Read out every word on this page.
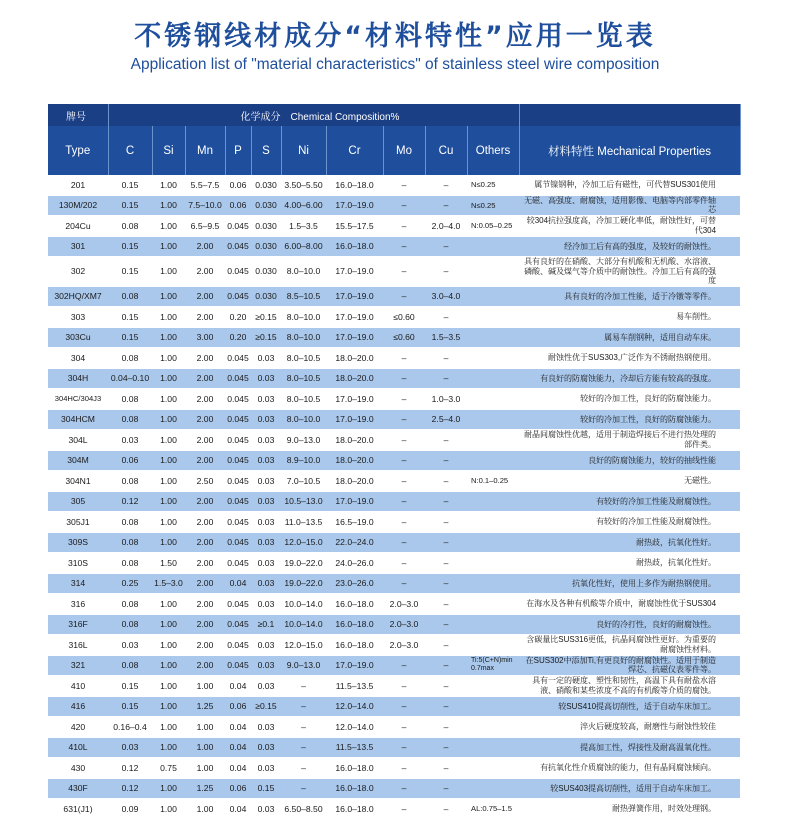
不锈钢线材成分“材料特性”应用一览表
Application list of "material characteristics" of stainless steel wire composition
牌号	化学成分　Chemical Composition%										
Type	C	Si	Mn	P	S	Ni	Cr	Mo	Cu	Others	材料特性 Mechanical Properties
201	0.15	1.00	5.5–7.5	0.06	0.030	3.50–5.50	16.0–18.0	–	–	N≤0.25	属节镍钢种，冷加工后有磁性，可代替SUS301使用
130M/202	0.15	1.00	7.5–10.0	0.06	0.030	4.00–6.00	17.0–19.0	–	–	N≤0.25	无磁、高强度、耐腐蚀，适用影像、电脑等内部零件轴芯
204Cu	0.08	1.00	6.5–9.5	0.045	0.030	1.5–3.5	15.5–17.5	–	2.0–4.0	N:0.05–0.25	较304抗拉强度高，冷加工硬化率低，耐蚀性好，可替代304
301	0.15	1.00	2.00	0.045	0.030	6.00–8.00	16.0–18.0	–	–		经冷加工后有高的强度，及较好的耐蚀性。
302	0.15	1.00	2.00	0.045	0.030	8.0–10.0	17.0–19.0	–	–		具有良好的在硝酸、大部分有机酸和无机酸、水溶液、磷酸、碱及煤气等介质中的耐蚀性。冷加工后有高的强度
302HQ/XM7	0.08	1.00	2.00	0.045	0.030	8.5–10.5	17.0–19.0	–	3.0–4.0		具有良好的冷加工性能，适于冷镦等零件。
303	0.15	1.00	2.00	0.20	≥0.15	8.0–10.0	17.0–19.0	≤0.60	–		易车削性。
303Cu	0.15	1.00	3.00	0.20	≥0.15	8.0–10.0	17.0–19.0	≤0.60	1.5–3.5		属易车削钢种，适用自动车床。
304	0.08	1.00	2.00	0.045	0.03	8.0–10.5	18.0–20.0	–	–		耐蚀性优于SUS303,广泛作为不锈耐热钢使用。
304H	0.04–0.10	1.00	2.00	0.045	0.03	8.0–10.5	18.0–20.0	–	–		有良好的防腐蚀能力，冷却后方能有较高的强度。
304HC/304J3	0.08	1.00	2.00	0.045	0.03	8.0–10.5	17.0–19.0	–	1.0–3.0		较好的冷加工性，良好的防腐蚀能力。
304HCM	0.08	1.00	2.00	0.045	0.03	8.0–10.0	17.0–19.0	–	2.5–4.0		较好的冷加工性，良好的防腐蚀能力。
304L	0.03	1.00	2.00	0.045	0.03	9.0–13.0	18.0–20.0	–	–		耐晶间腐蚀性优越，适用于制造焊接后不进行热处理的部件类。
304M	0.06	1.00	2.00	0.045	0.03	8.9–10.0	18.0–20.0	–	–		良好的防腐蚀能力，较好的抽线性能
304N1	0.08	1.00	2.50	0.045	0.03	7.0–10.5	18.0–20.0	–	–	N:0.1–0.25	无磁性。
305	0.12	1.00	2.00	0.045	0.03	10.5–13.0	17.0–19.0	–	–		有较好的冷加工性能及耐腐蚀性。
305J1	0.08	1.00	2.00	0.045	0.03	11.0–13.5	16.5–19.0	–	–		有较好的冷加工性能及耐腐蚀性。
309S	0.08	1.00	2.00	0.045	0.03	12.0–15.0	22.0–24.0	–	–		耐热歧，抗氧化性好。
310S	0.08	1.50	2.00	0.045	0.03	19.0–22.0	24.0–26.0	–	–		耐热歧，抗氧化性好。
314	0.25	1.5–3.0	2.00	0.04	0.03	19.0–22.0	23.0–26.0	–	–		抗氧化性好，使用上多作为耐热钢使用。
316	0.08	1.00	2.00	0.045	0.03	10.0–14.0	16.0–18.0	2.0–3.0	–		在海水及各种有机酸等介质中，耐腐蚀性优于SUS304
316F	0.08	1.00	2.00	0.045	≥0.1	10.0–14.0	16.0–18.0	2.0–3.0	–		良好的冷打性，良好的耐腐蚀性。
316L	0.03	1.00	2.00	0.045	0.03	12.0–15.0	16.0–18.0	2.0–3.0	–		含碳量比SUS316更低，抗晶间腐蚀性更好。为重要的耐腐蚀性材料。
321	0.08	1.00	2.00	0.045	0.03	9.0–13.0	17.0–19.0	–	–	Ti:5(C+N)min 0.7max	在SUS302中添加Ti,有更良好的耐腐蚀性。适用于制造焊芯、抗磁仪表零件等。
410	0.15	1.00	1.00	0.04	0.03	–	11.5–13.5	–	–		具有一定的硬度、塑性和韧性，高温下具有耐盐水溶液、硝酸和某些浓度不高的有机酸等介质的腐蚀。
416	0.15	1.00	1.25	0.06	≥0.15	–	12.0–14.0	–	–		较SUS410提高切削性，适于自动车床加工。
420	0.16–0.4	1.00	1.00	0.04	0.03	–	12.0–14.0	–	–		淬火后硬度较高，耐磨性与耐蚀性较佳
410L	0.03	1.00	1.00	0.04	0.03	–	11.5–13.5	–	–		提高加工性，焊接性及耐高温氧化性。
430	0.12	0.75	1.00	0.04	0.03	–	16.0–18.0	–	–		有抗氧化性介质腐蚀的能力，但有晶间腐蚀倾向。
430F	0.12	1.00	1.25	0.06	0.15	–	16.0–18.0	–	–		较SUS403提高切削性，适用于自动车床加工。
631(J1)	0.09	1.00	1.00	0.04	0.03	6.50–8.50	16.0–18.0	–	–	AL:0.75–1.5	耐热弹簧作用，时效处理钢。
